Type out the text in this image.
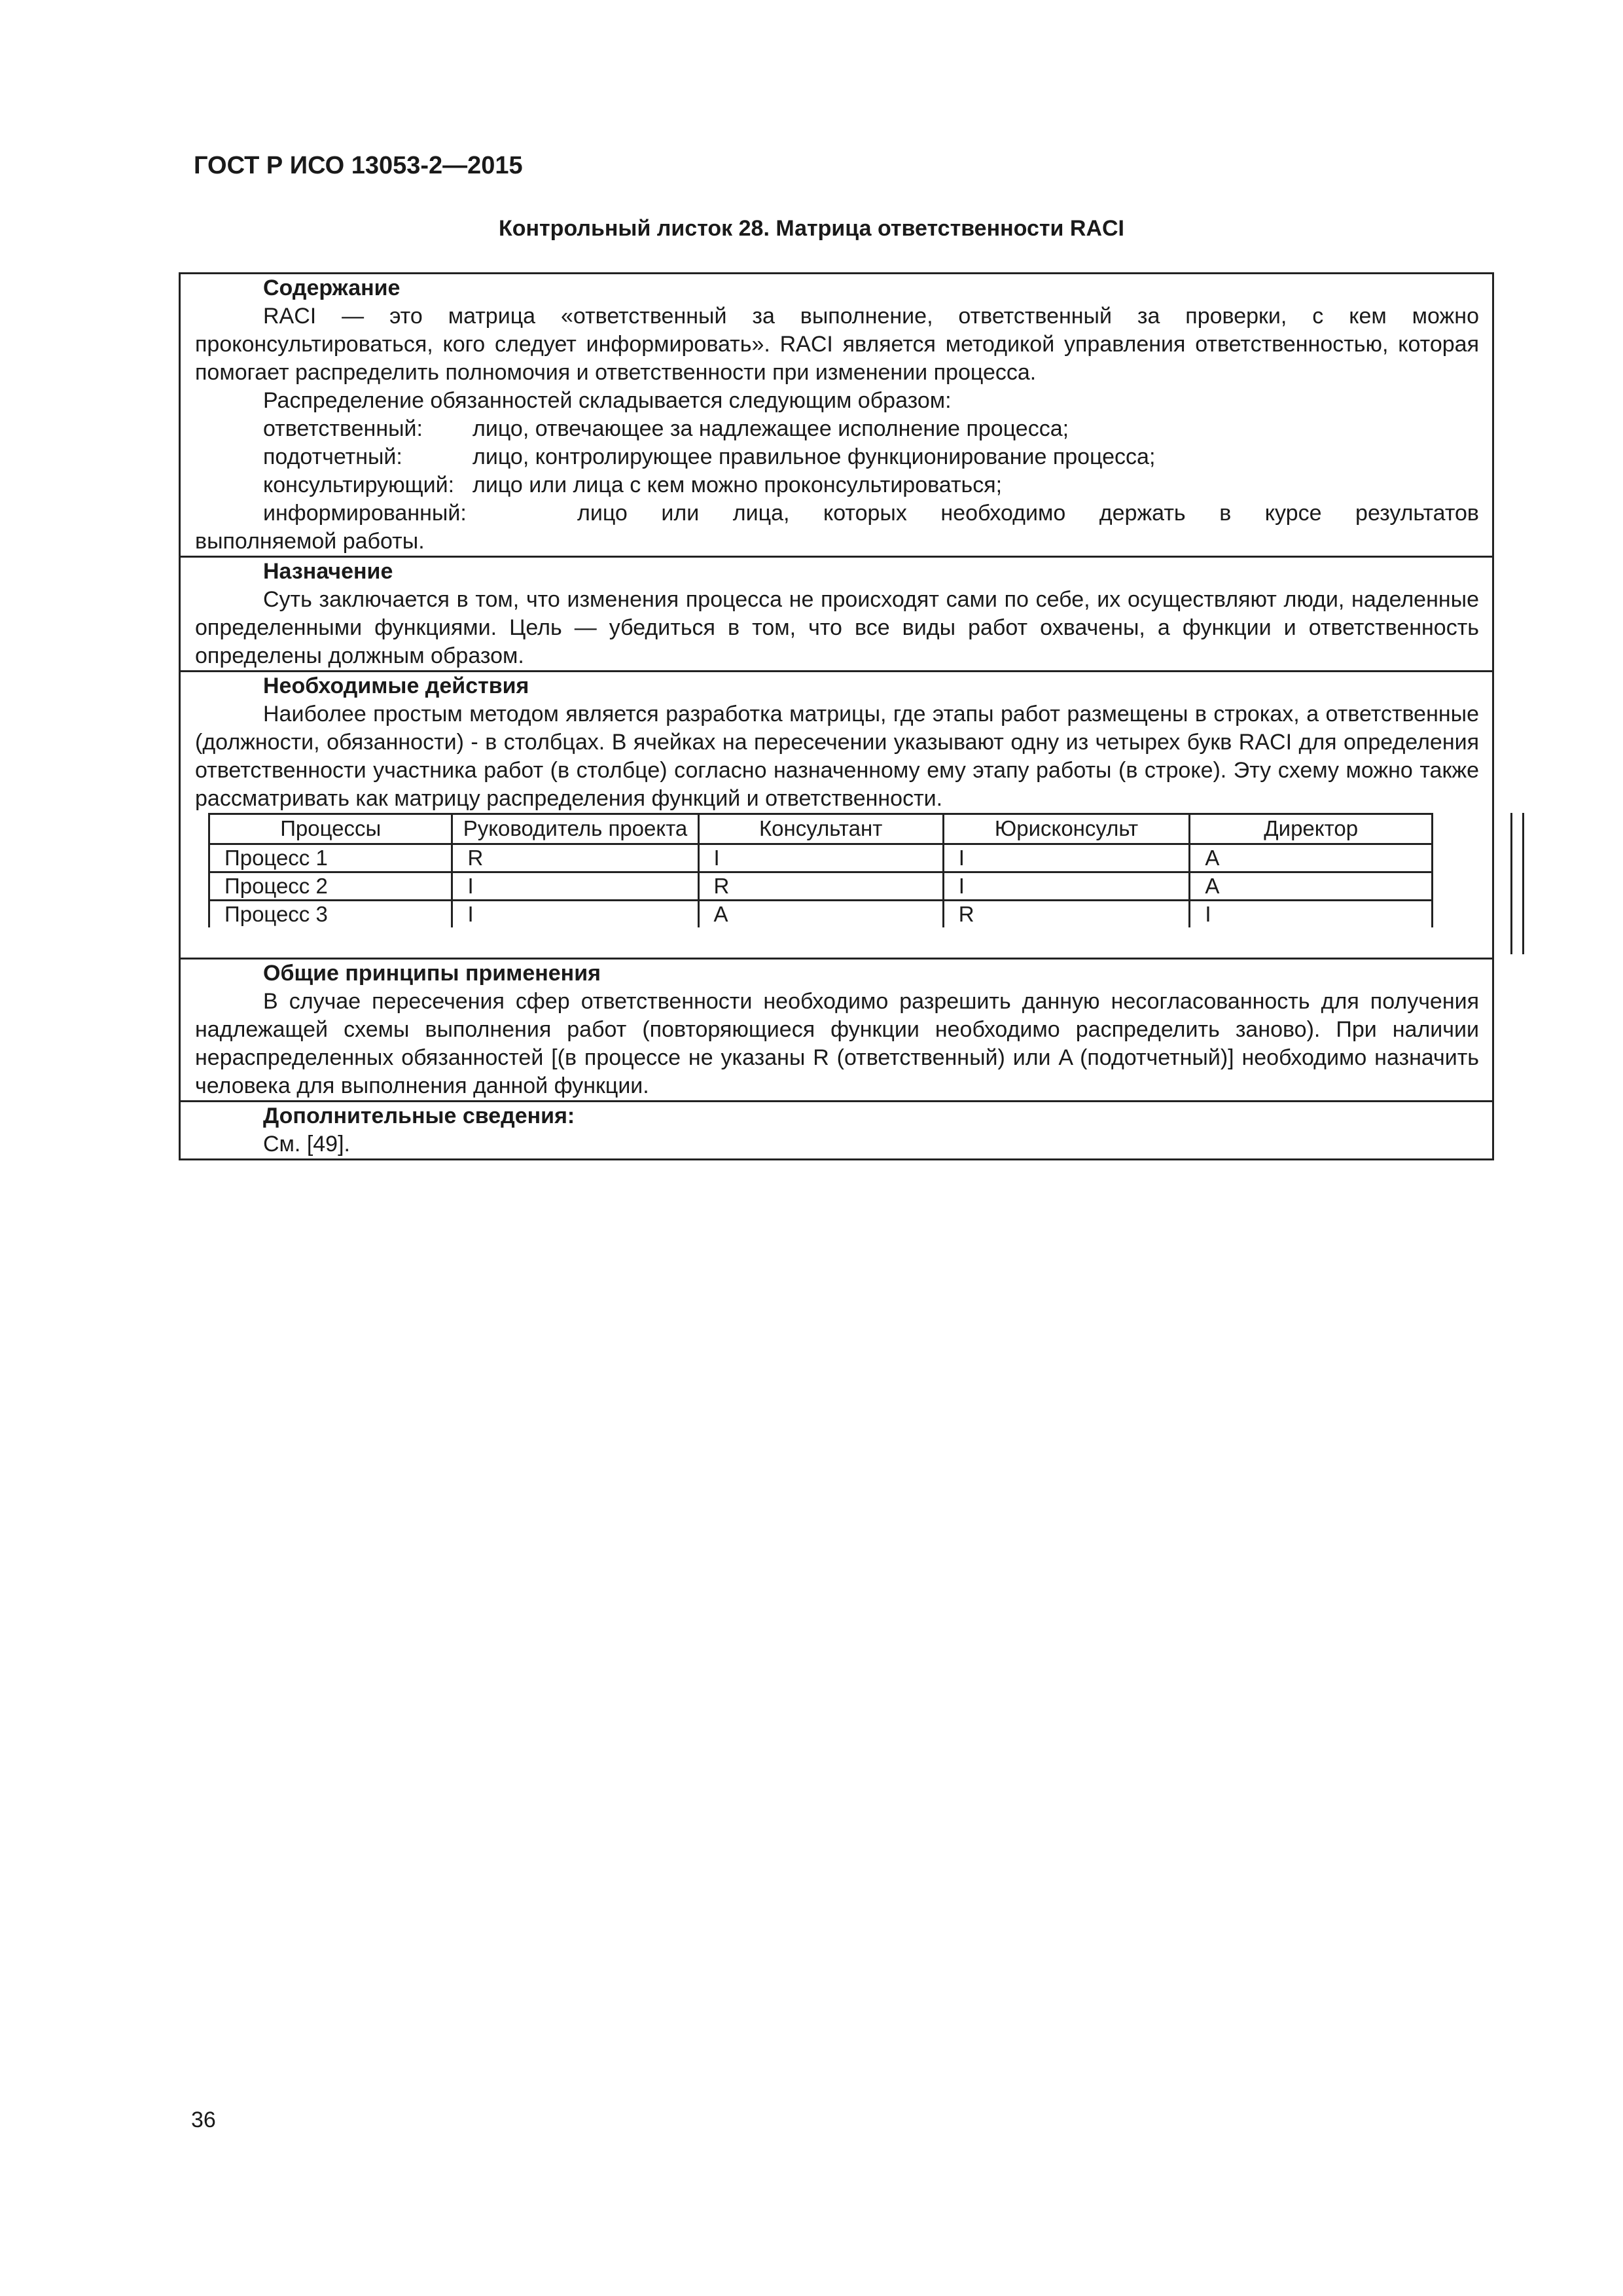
ГОСТ Р ИСО 13053-2—2015
Контрольный листок 28. Матрица ответственности RACI
Содержание

RACI — это матрица «ответственный за выполнение, ответственный за проверки, с кем можно проконсультироваться, кого следует информировать». RACI является методикой управления ответственностью, которая помогает распределить полномочия и ответственности при изменении процесса.

Распределение обязанностей складывается следующим образом:

ответственный:	лицо, отвечающее за надлежащее исполнение процесса;
подотчетный:	лицо, контролирующее правильное функционирование процесса;
консультирующий: лицо или лица с кем можно проконсультироваться;
информированный:	лицо или лица, которых необходимо держать в курсе результатов
выполняемой работы.
Назначение

Суть заключается в том, что изменения процесса не происходят сами по себе, их осуществляют люди, наделенные определенными функциями. Цель — убедиться в том, что все виды работ охвачены, а функции и ответственность определены должным образом.

Необходимые действия

Наиболее простым методом является разработка матрицы, где этапы работ размещены в строках, а ответственные (должности, обязанности) - в столбцах. В ячейках на пересечении указывают одну из четырех букв RACI для определения ответственности участника работ (в столбце) согласно назначенному ему этапу работы (в строке). Эту схему можно также рассматривать как матрицу распределения функций и ответственности.

Процессы	Руководитель проекта	Консультант	Юрисконсульт	Директор
Процесс 1	R	I	I	A
Процесс 2	I	R	I	A
Процесс 3	I	A	R	I
Общие принципы применения

В случае пересечения сфер ответственности необходимо разрешить данную несогласованность для получения надлежащей схемы выполнения работ (повторяющиеся функции необходимо распределить заново). При наличии нераспределенных обязанностей [(в процессе не указаны R (ответственный) или A (подотчетный)] необходимо назначить человека для выполнения данной функции.

Дополнительные сведения:
См. [49].
36
